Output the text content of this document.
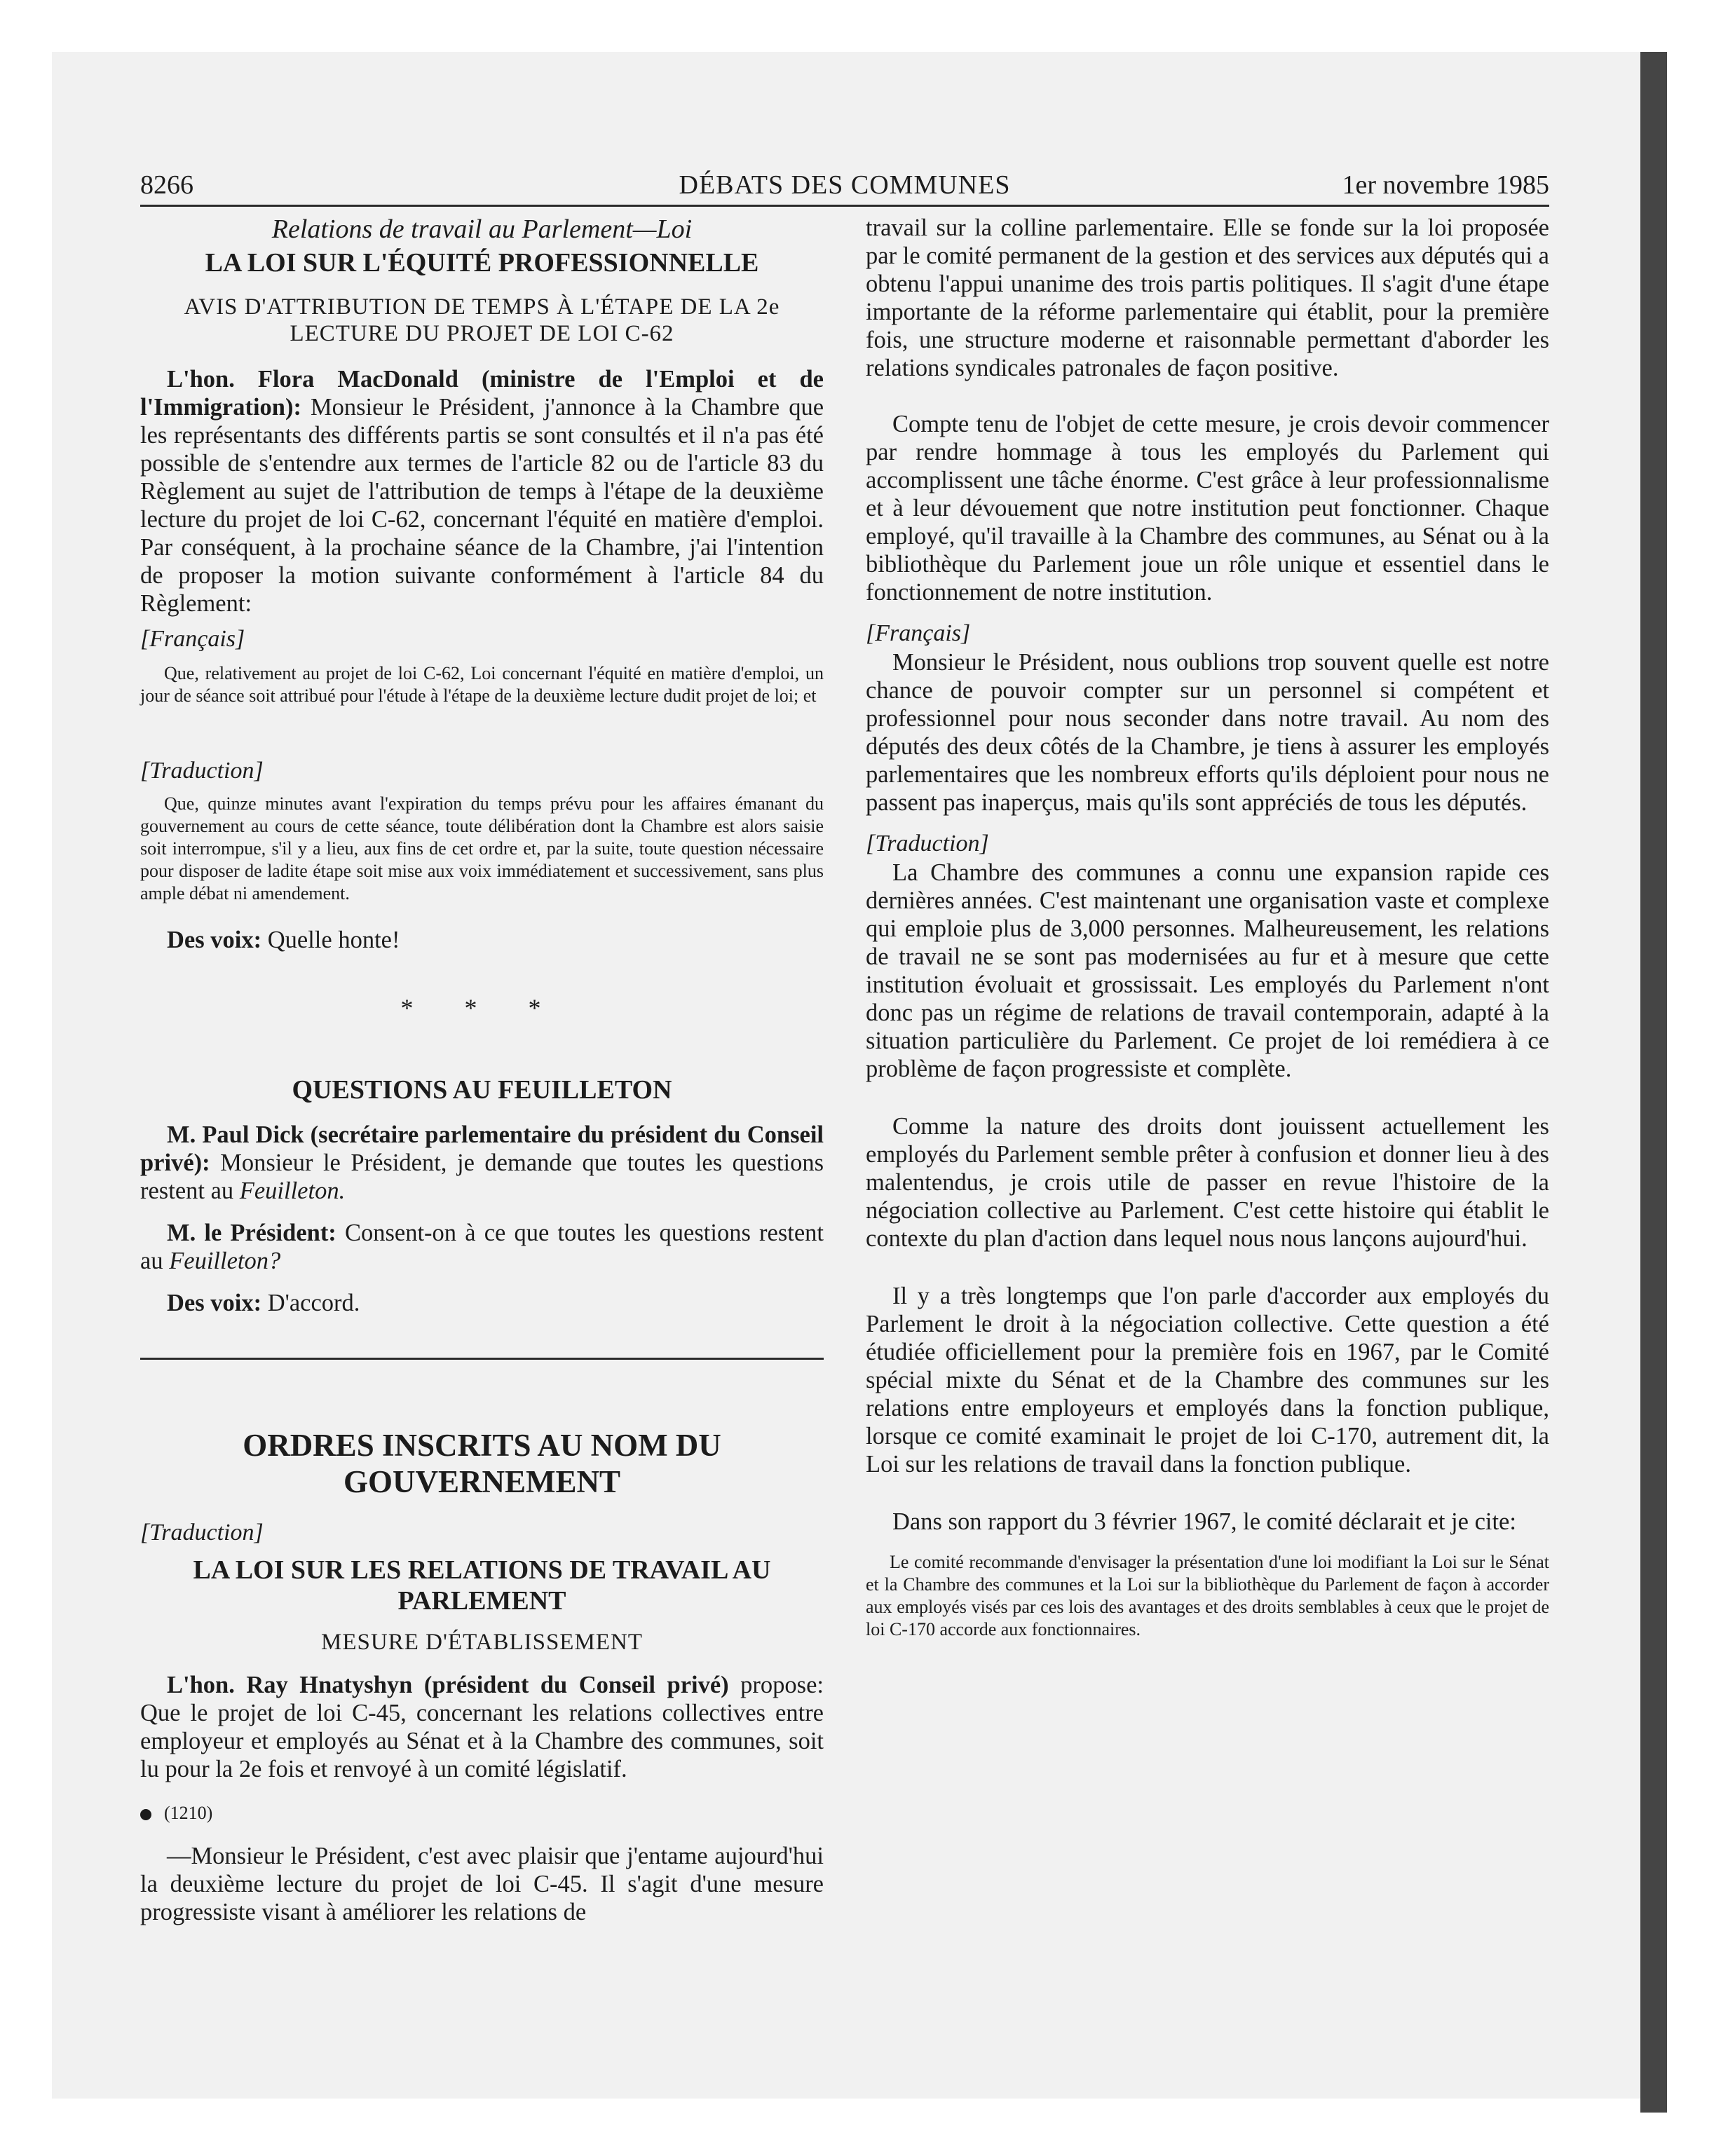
DÉBATS DES COMMUNES
8266	1er novembre 1985

Relations de travail au Parlement—Loi

LA LOI SUR L'ÉQUITÉ PROFESSIONNELLE

AVIS D'ATTRIBUTION DE TEMPS À L'ÉTAPE DE LA 2e LECTURE DU PROJET DE LOI C-62

L'hon. Flora MacDonald (ministre de l'Emploi et de l'Immigration): Monsieur le Président, j'annonce à la Chambre que les représentants des différents partis se sont consultés et il n'a pas été possible de s'entendre aux termes de l'article 82 ou de l'article 83 du Règlement au sujet de l'attribution de temps à l'étape de la deuxième lecture du projet de loi C-62, concernant l'équité en matière d'emploi. Par conséquent, à la prochaine séance de la Chambre, j'ai l'intention de proposer la motion suivante conformément à l'article 84 du Règlement:

[Français]

Que, relativement au projet de loi C-62, Loi concernant l'équité en matière d'emploi, un jour de séance soit attribué pour l'étude à l'étape de la deuxième lecture dudit projet de loi; et

[Traduction]

Que, quinze minutes avant l'expiration du temps prévu pour les affaires émanant du gouvernement au cours de cette séance, toute délibération dont la Chambre est alors saisie soit interrompue, s'il y a lieu, aux fins de cet ordre et, par la suite, toute question nécessaire pour disposer de ladite étape soit mise aux voix immédiatement et successivement, sans plus ample débat ni amendement.

Des voix: Quelle honte!

* * *

QUESTIONS AU FEUILLETON

M. Paul Dick (secrétaire parlementaire du président du Conseil privé): Monsieur le Président, je demande que toutes les questions restent au Feuilleton.

M. le Président: Consent-on à ce que toutes les questions restent au Feuilleton?

Des voix: D'accord.

ORDRES INSCRITS AU NOM DU GOUVERNEMENT

[Traduction]

LA LOI SUR LES RELATIONS DE TRAVAIL AU PARLEMENT

MESURE D'ÉTABLISSEMENT

L'hon. Ray Hnatyshyn (président du Conseil privé) propose: Que le projet de loi C-45, concernant les relations collectives entre employeur et employés au Sénat et à la Chambre des communes, soit lu pour la 2e fois et renvoyé à un comité législatif.

(1210)

—Monsieur le Président, c'est avec plaisir que j'entame aujourd'hui la deuxième lecture du projet de loi C-45. Il s'agit d'une mesure progressiste visant à améliorer les relations de

travail sur la colline parlementaire. Elle se fonde sur la loi proposée par le comité permanent de la gestion et des services aux députés qui a obtenu l'appui unanime des trois partis politiques. Il s'agit d'une étape importante de la réforme parlementaire qui établit, pour la première fois, une structure moderne et raisonnable permettant d'aborder les relations syndicales patronales de façon positive.

Compte tenu de l'objet de cette mesure, je crois devoir commencer par rendre hommage à tous les employés du Parlement qui accomplissent une tâche énorme. C'est grâce à leur professionnalisme et à leur dévouement que notre institution peut fonctionner. Chaque employé, qu'il travaille à la Chambre des communes, au Sénat ou à la bibliothèque du Parlement joue un rôle unique et essentiel dans le fonctionnement de notre institution.

[Français]

Monsieur le Président, nous oublions trop souvent quelle est notre chance de pouvoir compter sur un personnel si compétent et professionnel pour nous seconder dans notre travail. Au nom des députés des deux côtés de la Chambre, je tiens à assurer les employés parlementaires que les nombreux efforts qu'ils déploient pour nous ne passent pas inaperçus, mais qu'ils sont appréciés de tous les députés.

[Traduction]

La Chambre des communes a connu une expansion rapide ces dernières années. C'est maintenant une organisation vaste et complexe qui emploie plus de 3,000 personnes. Malheureusement, les relations de travail ne se sont pas modernisées au fur et à mesure que cette institution évoluait et grossissait. Les employés du Parlement n'ont donc pas un régime de relations de travail contemporain, adapté à la situation particulière du Parlement. Ce projet de loi remédiera à ce problème de façon progressiste et complète.

Comme la nature des droits dont jouissent actuellement les employés du Parlement semble prêter à confusion et donner lieu à des malentendus, je crois utile de passer en revue l'histoire de la négociation collective au Parlement. C'est cette histoire qui établit le contexte du plan d'action dans lequel nous nous lançons aujourd'hui.

Il y a très longtemps que l'on parle d'accorder aux employés du Parlement le droit à la négociation collective. Cette question a été étudiée officiellement pour la première fois en 1967, par le Comité spécial mixte du Sénat et de la Chambre des communes sur les relations entre employeurs et employés dans la fonction publique, lorsque ce comité examinait le projet de loi C-170, autrement dit, la Loi sur les relations de travail dans la fonction publique.

Dans son rapport du 3 février 1967, le comité déclarait et je cite:

Le comité recommande d'envisager la présentation d'une loi modifiant la Loi sur le Sénat et la Chambre des communes et la Loi sur la bibliothèque du Parlement de façon à accorder aux employés visés par ces lois des avantages et des droits semblables à ceux que le projet de loi C-170 accorde aux fonctionnaires.
